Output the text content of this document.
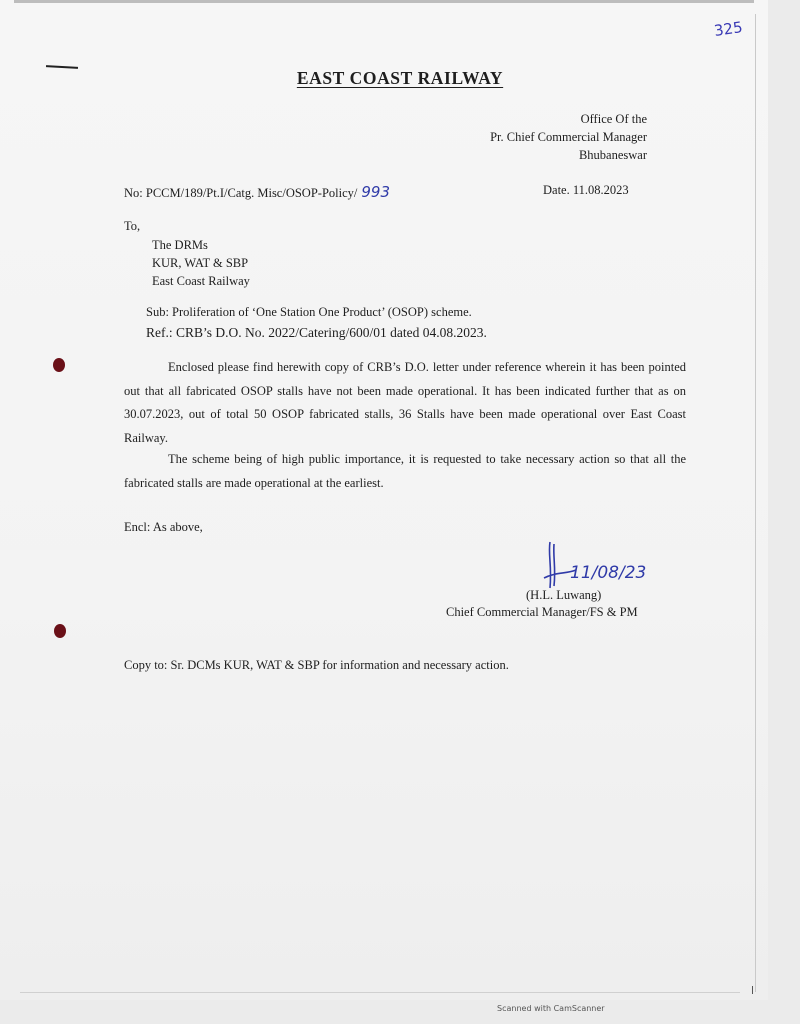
325
EAST COAST RAILWAY
Office Of the
Pr. Chief Commercial Manager
Bhubaneswar
No: PCCM/189/Pt.I/Catg. Misc/OSOP-Policy/ 993	Date. 11.08.2023
To,
The DRMs
KUR, WAT & SBP
East Coast Railway
Sub: Proliferation of ‘One Station One Product’ (OSOP) scheme.
Ref.: CRB’s D.O. No. 2022/Catering/600/01 dated 04.08.2023.
Enclosed please find herewith copy of CRB’s D.O. letter under reference wherein it has been pointed out that all fabricated OSOP stalls have not been made operational. It has been indicated further that as on 30.07.2023, out of total 50 OSOP fabricated stalls, 36 Stalls have been made operational over East Coast Railway.
The scheme being of high public importance, it is requested to take necessary action so that all the fabricated stalls are made operational at the earliest.
Encl: As above,
11/08/23
(H.L. Luwang)
Chief Commercial Manager/FS & PM
Copy to: Sr. DCMs KUR, WAT & SBP for information and necessary action.
Scanned with CamScanner
